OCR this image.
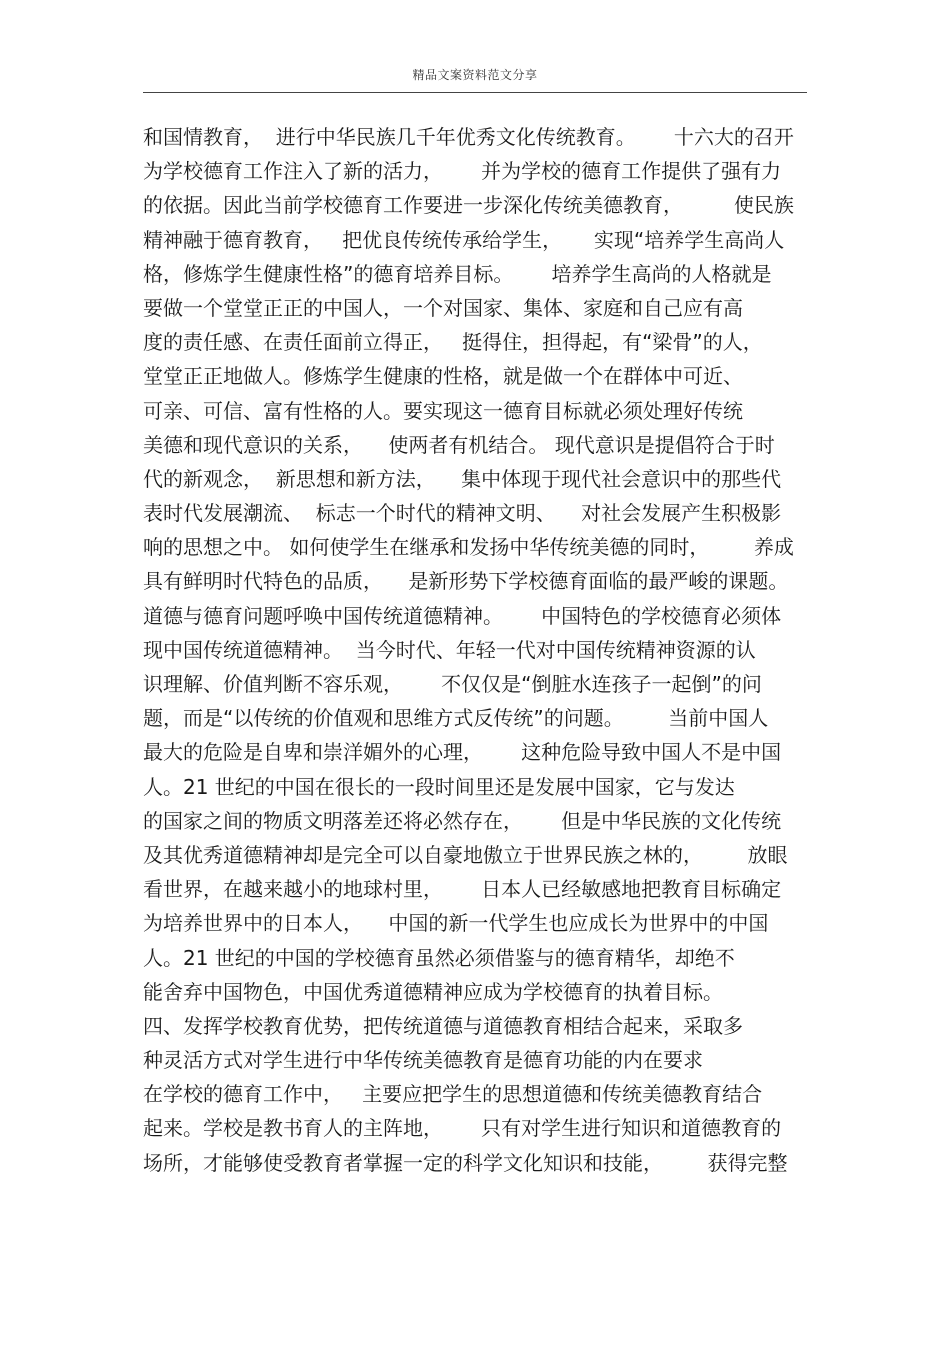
精品文案资料范文分享
和国情教育，  进行中华民族几千年优秀文化传统教育。      十六大的召开
为学校德育工作注入了新的活力，      并为学校的德育工作提供了强有力
的依据。因此当前学校德育工作要进一步深化传统美德教育，        使民族
精神融于德育教育，   把优良传统传承给学生，     实现“培养学生高尚人
格，修炼学生健康性格”的德育培养目标。      培养学生高尚的人格就是
要做一个堂堂正正的中国人，一个对国家、集体、家庭和自己应有高
度的责任感、在责任面前立得正，   挺得住，担得起，有“梁骨”的人，
堂堂正正地做人。修炼学生健康的性格，就是做一个在群体中可近、
可亲、可信、富有性格的人。要实现这一德育目标就必须处理好传统
美德和现代意识的关系，    使两者有机结合。 现代意识是提倡符合于时
代的新观念，  新思想和新方法，    集中体现于现代社会意识中的那些代
表时代发展潮流、  标志一个时代的精神文明、    对社会发展产生积极影
响的思想之中。 如何使学生在继承和发扬中华传统美德的同时，       养成
具有鲜明时代特色的品质，    是新形势下学校德育面临的最严峻的课题。
道德与德育问题呼唤中国传统道德精神。      中国特色的学校德育必须体
现中国传统道德精神。  当今时代、年轻一代对中国传统精神资源的认
识理解、价值判断不容乐观，      不仅仅是“倒脏水连孩子一起倒”的问
题，而是“以传统的价值观和思维方式反传统”的问题。       当前中国人
最大的危险是自卑和崇洋媚外的心理，      这种危险导致中国人不是中国
人。21 世纪的中国在很长的一段时间里还是发展中国家，它与发达
的国家之间的物质文明落差还将必然存在，      但是中华民族的文化传统
及其优秀道德精神却是完全可以自豪地傲立于世界民族之林的，       放眼
看世界，在越来越小的地球村里，      日本人已经敏感地把教育目标确定
为培养世界中的日本人，    中国的新一代学生也应成长为世界中的中国
人。21 世纪的中国的学校德育虽然必须借鉴与的德育精华，却绝不
能舍弃中国物色，中国优秀道德精神应成为学校德育的执着目标。
四、发挥学校教育优势，把传统道德与道德教育相结合起来，采取多
种灵活方式对学生进行中华传统美德教育是德育功能的内在要求
在学校的德育工作中，   主要应把学生的思想道德和传统美德教育结合
起来。学校是教书育人的主阵地，      只有对学生进行知识和道德教育的
场所，才能够使受教育者掌握一定的科学文化知识和技能，       获得完整
